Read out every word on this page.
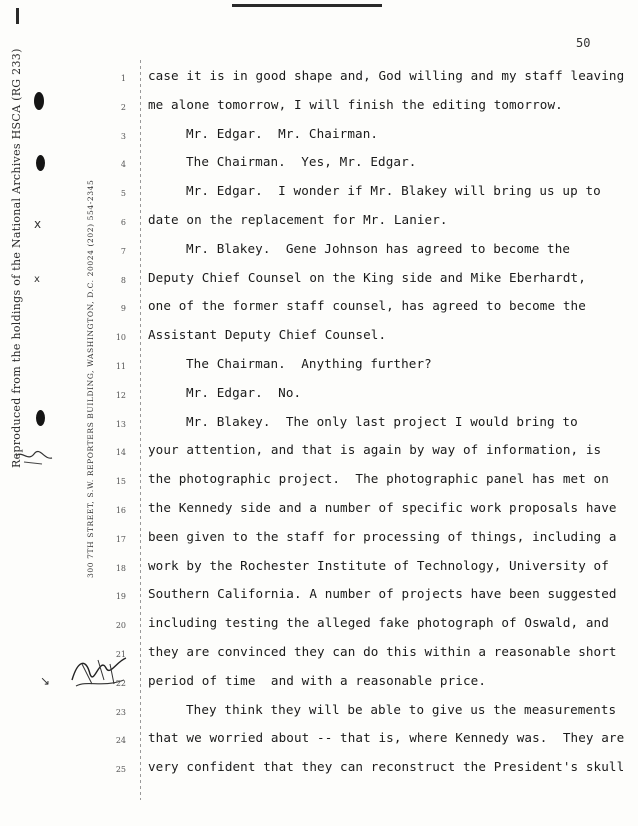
Reproduced from the holdings of the National Archives HSCA (RG 233) x
x	300 7TH STREET, S.W. REPORTERS BUILDING, WASHINGTON, D.C. 20024 (202) 554-2345
↘
1
2
3
4
5
6
7
8
9
10
11
12
13
14
15
16
17
18
19
20
21
22
23
24
25
50
case it is in good shape and, God willing and my staff leaving
me alone tomorrow, I will finish the editing tomorrow.
Mr. Edgar.  Mr. Chairman.
The Chairman.  Yes, Mr. Edgar.
Mr. Edgar.  I wonder if Mr. Blakey will bring us up to
date on the replacement for Mr. Lanier.
Mr. Blakey.  Gene Johnson has agreed to become the
Deputy Chief Counsel on the King side and Mike Eberhardt,
one of the former staff counsel, has agreed to become the
Assistant Deputy Chief Counsel.
The Chairman.  Anything further?
Mr. Edgar.  No.
Mr. Blakey.  The only last project I would bring to
your attention, and that is again by way of information, is
the photographic project.  The photographic panel has met on
the Kennedy side and a number of specific work proposals have
been given to the staff for processing of things, including a
work by the Rochester Institute of Technology, University of
Southern California. A number of projects have been suggested
including testing the alleged fake photograph of Oswald, and
they are convinced they can do this within a reasonable short
period of time  and with a reasonable price.
They think they will be able to give us the measurements
that we worried about -- that is, where Kennedy was.  They are
very confident that they can reconstruct the President's skull
